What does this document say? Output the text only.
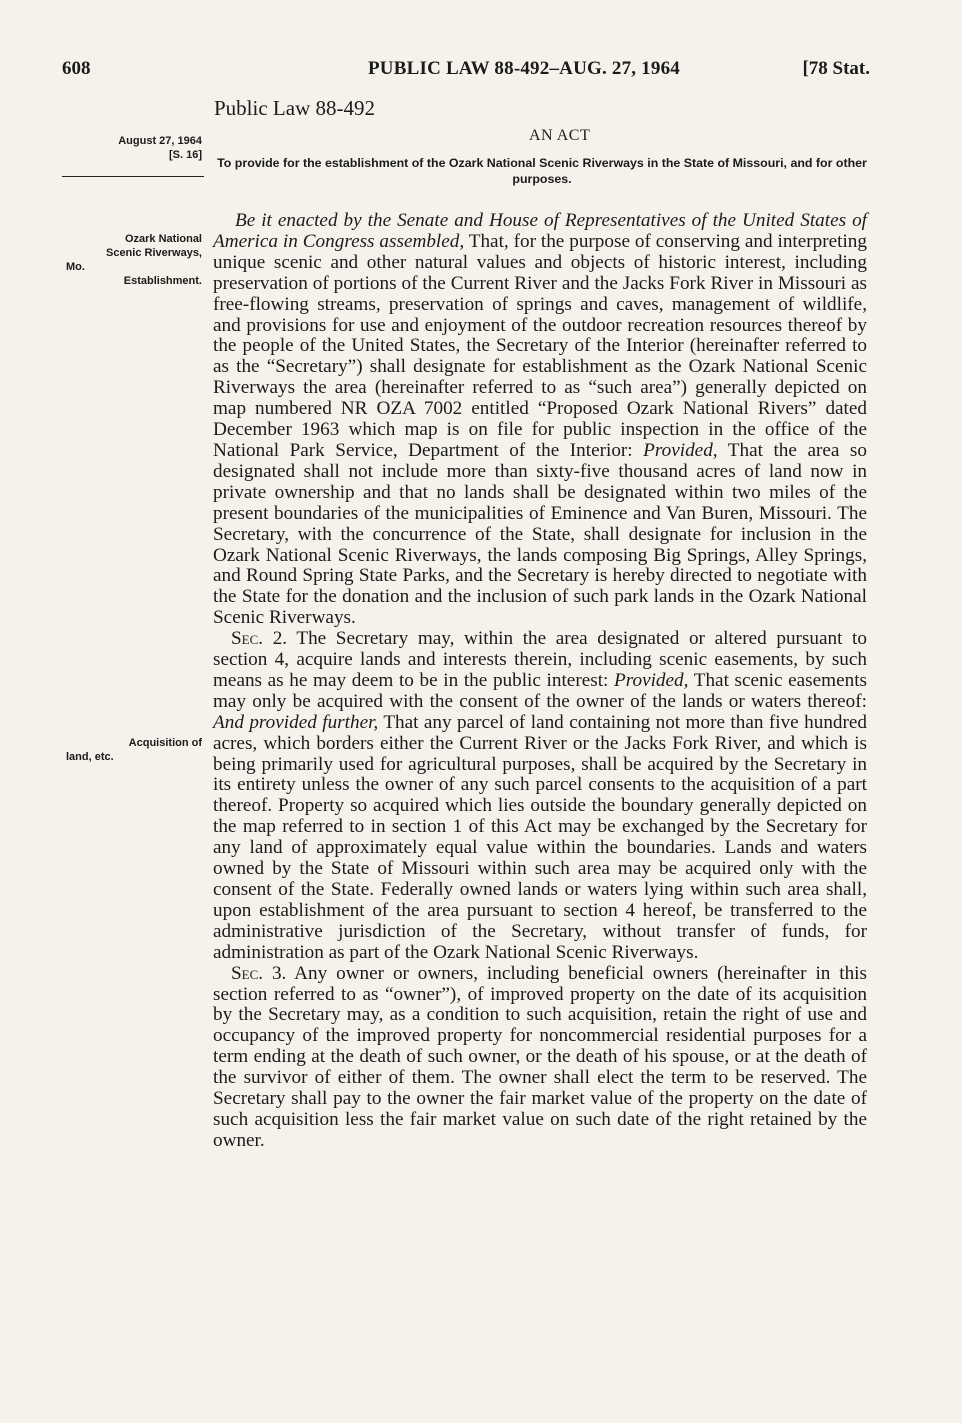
608	PUBLIC LAW 88-492–AUG. 27, 1964	[78 Stat.
Public Law 88-492
AN ACT
To provide for the establishment of the Ozark National Scenic Riverways in the State of Missouri, and for other purposes.
August 27, 1964
[S. 16]
Ozark National
Scenic Riverways,
Mo.
Establishment.
Acquisition of
land, etc.

Be it enacted by the Senate and House of Representatives of the United States of America in Congress assembled, That, for the purpose of conserving and interpreting unique scenic and other natural values and objects of historic interest, including preservation of portions of the Current River and the Jacks Fork River in Missouri as free-flowing streams, preservation of springs and caves, management of wildlife, and provisions for use and enjoyment of the outdoor recreation resources thereof by the people of the United States, the Secretary of the Interior (hereinafter referred to as the “Secretary”) shall designate for establishment as the Ozark National Scenic Riverways the area (hereinafter referred to as “such area”) generally depicted on map numbered NR OZA 7002 entitled “Proposed Ozark National Rivers” dated December 1963 which map is on file for public inspection in the office of the National Park Service, Department of the Interior: Provided, That the area so designated shall not include more than sixty-five thousand acres of land now in private ownership and that no lands shall be designated within two miles of the present boundaries of the municipalities of Eminence and Van Buren, Missouri. The Secretary, with the concurrence of the State, shall designate for inclusion in the Ozark National Scenic Riverways, the lands composing Big Springs, Alley Springs, and Round Spring State Parks, and the Secretary is hereby directed to negotiate with the State for the donation and the inclusion of such park lands in the Ozark National Scenic Riverways.

Sec. 2. The Secretary may, within the area designated or altered pursuant to section 4, acquire lands and interests therein, including scenic easements, by such means as he may deem to be in the public interest: Provided, That scenic easements may only be acquired with the consent of the owner of the lands or waters thereof: And provided further, That any parcel of land containing not more than five hundred acres, which borders either the Current River or the Jacks Fork River, and which is being primarily used for agricultural purposes, shall be acquired by the Secretary in its entirety unless the owner of any such parcel consents to the acquisition of a part thereof. Property so acquired which lies outside the boundary generally depicted on the map referred to in section 1 of this Act may be exchanged by the Secretary for any land of approximately equal value within the boundaries. Lands and waters owned by the State of Missouri within such area may be acquired only with the consent of the State. Federally owned lands or waters lying within such area shall, upon establishment of the area pursuant to section 4 hereof, be transferred to the administrative jurisdiction of the Secretary, without transfer of funds, for administration as part of the Ozark National Scenic Riverways.

Sec. 3. Any owner or owners, including beneficial owners (hereinafter in this section referred to as “owner”), of improved property on the date of its acquisition by the Secretary may, as a condition to such acquisition, retain the right of use and occupancy of the improved property for noncommercial residential purposes for a term ending at the death of such owner, or the death of his spouse, or at the death of the survivor of either of them. The owner shall elect the term to be reserved. The Secretary shall pay to the owner the fair market value of the property on the date of such acquisition less the fair market value on such date of the right retained by the owner.
